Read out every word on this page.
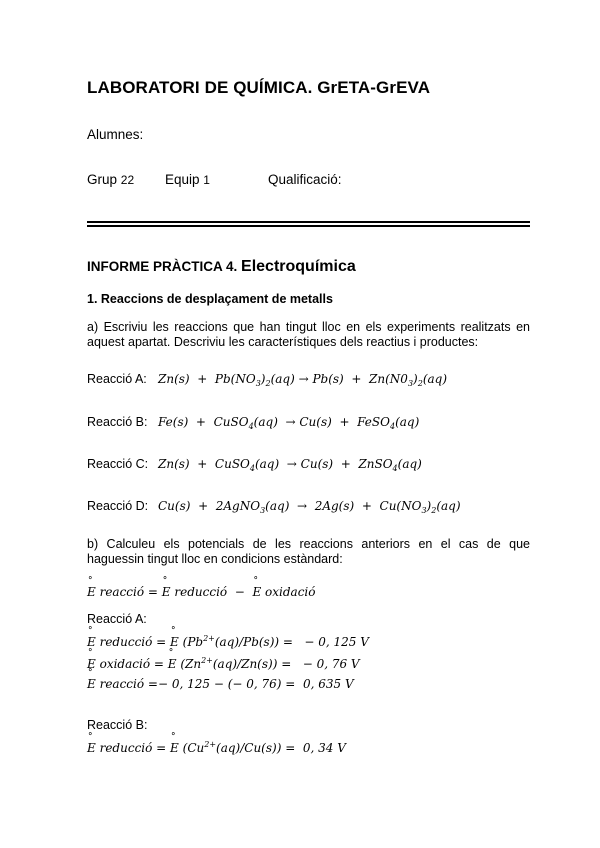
LABORATORI DE QUÍMICA. GrETA-GrEVA
Alumnes:
Grup 22 Equip 1	Qualificació:
INFORME PRÀCTICA 4. Electroquímica
1. Reaccions de desplaçament de metalls
a) Escriviu les reaccions que han tingut lloc en els experiments realitzats en aquest apartat. Descriviu les característiques dels reactius i productes:
Reacció A: $Zn(s) + Pb(NO_3)_2(aq) \to Pb(s) + Zn(N0_3)_2(aq)$
Reacció B: Fe(s)  +  CuSO$_4$(aq)  → Cu(s)  +  FeSO$_4$(aq)
Reacció C: Zn(s)  +  CuSO$_4$(aq)  → Cu(s)  +  ZnSO$_4$(aq)
Reacció D: Cu(s)  +  2AgNO$_3$(aq)  →  $2Ag(s) + Cu(NO_3)_2(aq)$
b) Calculeu els potencials de les reaccions anteriors en el cas de que haguessin tingut lloc en condicions estàndard:
° E reacció = ° E reducció  −  ° E oxidació
Reacció A:
° E reducció = ° E $(Pb^{2+}(aq)/Pb(s))$ = − 0, 125 V
° E oxidació = ° E $(Zn^{2+}(aq)/Zn(s))$ = − 0, 76 V
° E reacció =− 0, 125 − (− 0, 76) = 0, 635 V
Reacció B:
° E reducció = ° E $(Cu^{2+}(aq)/Cu(s)) = 0$, 34 V
